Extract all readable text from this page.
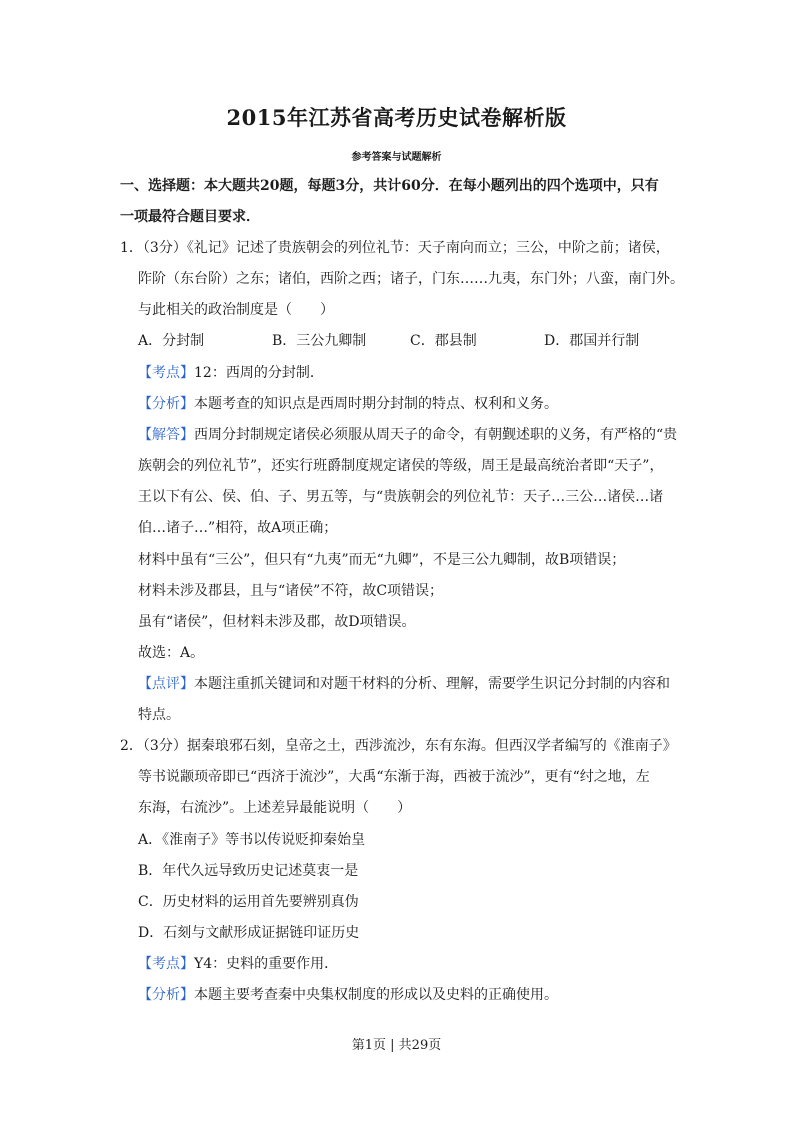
2015年江苏省高考历史试卷解析版
参考答案与试题解析
一、选择题：本大题共20题，每题3分，共计60分．在每小题列出的四个选项中，只有
一项最符合题目要求．
1．（3分）《礼记》记述了贵族朝会的列位礼节：天子南向而立；三公，中阶之前；诸侯，
阼阶（东台阶）之东；诸伯，西阶之西；诸子，门东……九夷，东门外；八蛮，南门外。
与此相关的政治制度是（　　）
A．分封制	B．三公九卿制	C．郡县制	D．郡国并行制
【考点】12：西周的分封制．
【分析】本题考查的知识点是西周时期分封制的特点、权利和义务。
【解答】西周分封制规定诸侯必须服从周天子的命令，有朝觐述职的义务，有严格的“贵
族朝会的列位礼节”，还实行班爵制度规定诸侯的等级，周王是最高统治者即“天子”，
王以下有公、侯、伯、子、男五等，与“贵族朝会的列位礼节：天子…三公…诸侯…诸
伯…诸子…”相符，故A项正确；
材料中虽有“三公”，但只有“九夷”而无“九卿”，不是三公九卿制，故B项错误；
材料未涉及郡县，且与“诸侯”不符，故C项错误；
虽有“诸侯”，但材料未涉及郡，故D项错误。
故选：A。
【点评】本题注重抓关键词和对题干材料的分析、理解，需要学生识记分封制的内容和
特点。
2．（3分）据秦琅邪石刻，皇帝之土，西涉流沙，东有东海。但西汉学者编写的《淮南子》
等书说颛顼帝即已“西济于流沙”，大禹“东渐于海，西被于流沙”，更有“纣之地，左
东海，右流沙”。上述差异最能说明（　　）
A．《淮南子》等书以传说贬抑秦始皇
B．年代久远导致历史记述莫衷一是
C．历史材料的运用首先要辨别真伪
D．石刻与文献形成证据链印证历史
【考点】Y4：史料的重要作用．
【分析】本题主要考查秦中央集权制度的形成以及史料的正确使用。
第1页 | 共29页
